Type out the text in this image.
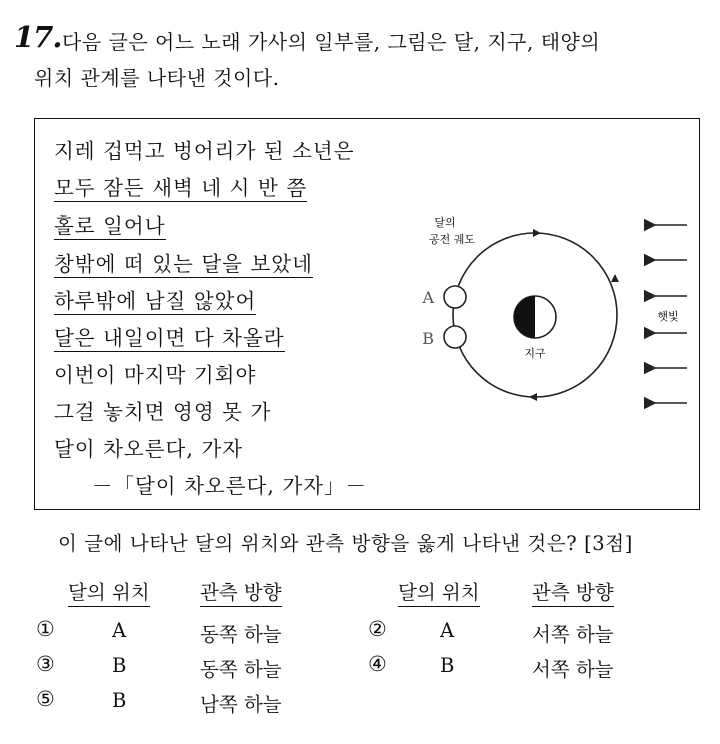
17. 다음 글은 어느 노래 가사의 일부를, 그림은 달, 지구, 태양의
위치 관계를 나타낸 것이다.
지레 겁먹고 벙어리가 된 소년은
모두 잠든 새벽 네 시 반 쯤
홀로 일어나
창밖에 떠 있는 달을 보았네
하루밖에 남질 않았어
달은 내일이면 다 차올라
이번이 마지막 기회야
그걸 놓치면 영영 못 가
달이 차오른다, 가자
－「달이 차오른다, 가자」－
지구
A
B
달의
공전 궤도
햇빛
이 글에 나타난 달의 위치와 관측 방향을 옳게 나타낸 것은? [3점]
달의 위치	관측 방향	달의 위치	관측 방향
①	A	동쪽 하늘	②	A	서쪽 하늘
③	B	동쪽 하늘	④	B	서쪽 하늘
⑤	B	남쪽 하늘
